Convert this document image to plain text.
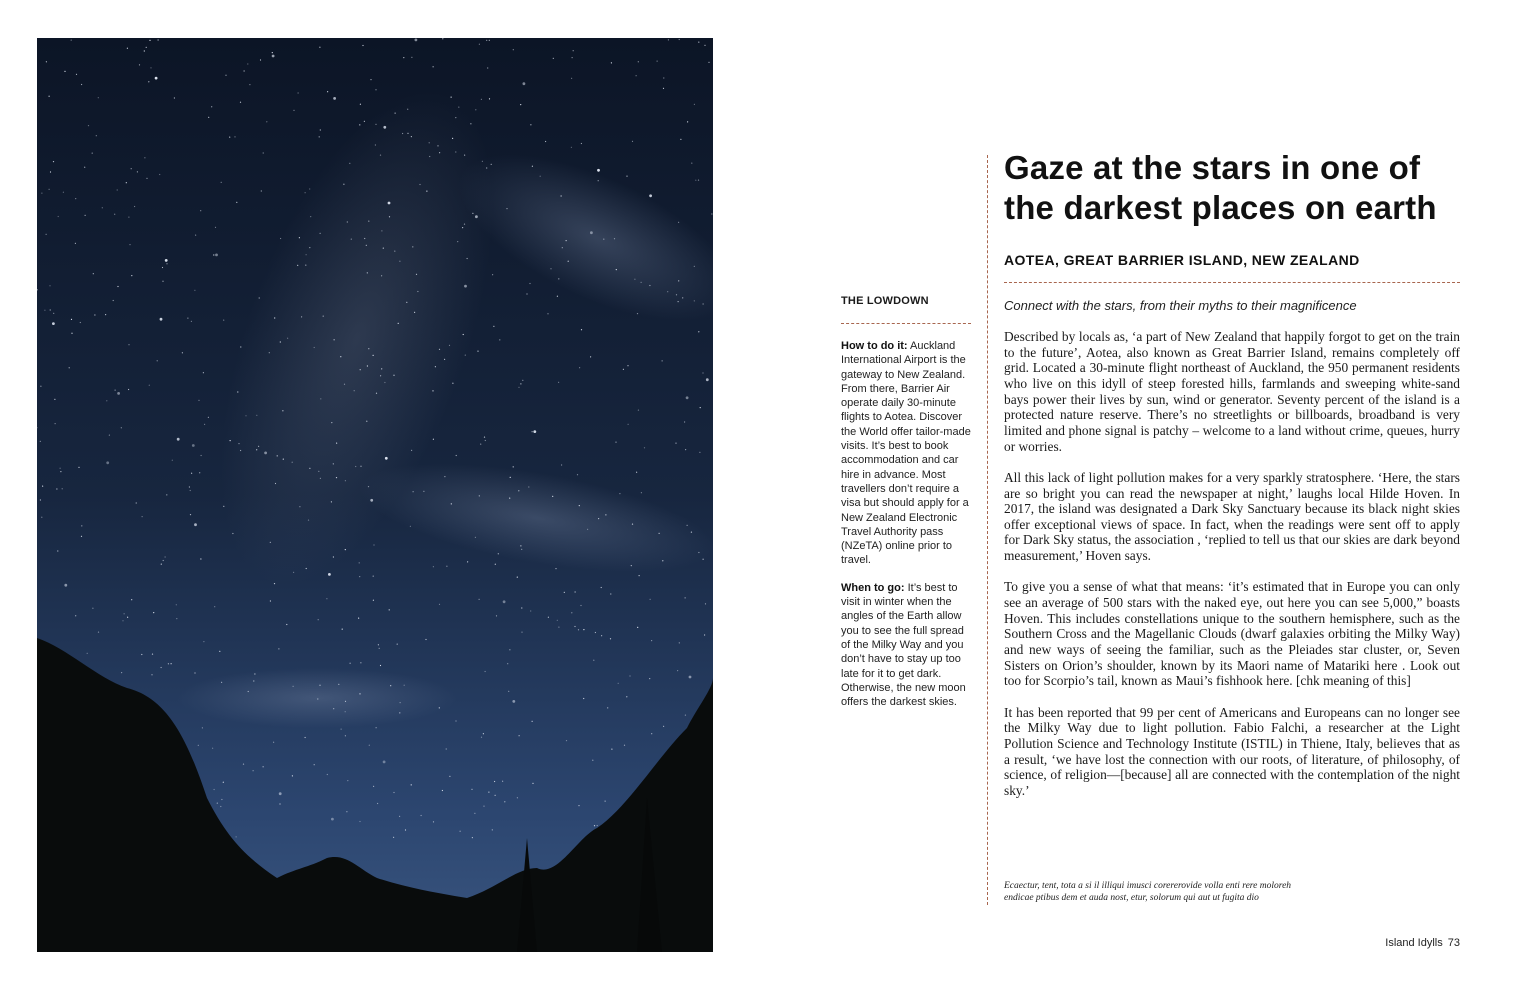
THE LOWDOWN

How to do it: Auckland International Airport is the gateway to New Zealand. From there, Barrier Air operate daily 30-minute flights to Aotea. Discover the World offer tailor-made visits. It’s best to book accommodation and car hire in advance. Most travellers don’t require a visa but should apply for a New Zealand Electronic Travel Authority pass (NZeTA) online prior to travel.

When to go: It’s best to visit in winter when the angles of the Earth allow you to see the full spread of the Milky Way and you don’t have to stay up too late for it to get dark. Otherwise, the new moon offers the darkest skies.

Gaze at the stars in one of the darkest places on earth
AOTEA, GREAT BARRIER ISLAND, NEW ZEALAND

Connect with the stars, from their myths to their magnificence

Described by locals as, ‘a part of New Zealand that happily forgot to get on the train to the future’, Aotea, also known as Great Barrier Island, remains completely off grid. Located a 30-minute flight northeast of Auckland, the 950 permanent residents who live on this idyll of steep forested hills, farmlands and sweeping white-sand bays power their lives by sun, wind or generator. Seventy percent of the island is a protected nature reserve. There’s no streetlights or billboards, broadband is very limited and phone signal is patchy – welcome to a land without crime, queues, hurry or worries.

All this lack of light pollution makes for a very sparkly stratosphere. ‘Here, the stars are so bright you can read the newspaper at night,’ laughs local Hilde Hoven. In 2017, the island was designated a Dark Sky Sanctuary because its black night skies offer exceptional views of space. In fact, when the readings were sent off to apply for Dark Sky status, the association , ‘replied to tell us that our skies are dark beyond measurement,’ Hoven says.

To give you a sense of what that means: ‘it’s estimated that in Europe you can only see an average of 500 stars with the naked eye, out here you can see 5,000,” boasts Hoven. This includes constellations unique to the southern hemisphere, such as the Southern Cross and the Magellanic Clouds (dwarf galaxies orbiting the Milky Way) and new ways of seeing the familiar, such as the Pleiades star cluster, or, Seven Sisters on Orion’s shoulder, known by its Maori name of Matariki here . Look out too for Scorpio’s tail, known as Maui’s fishhook here. [chk meaning of this]

It has been reported that 99 per cent of Americans and Europeans can no longer see the Milky Way due to light pollution. Fabio Falchi, a researcher at the Light Pollution Science and Technology Institute (ISTIL) in Thiene, Italy, believes that as a result, ‘we have lost the connection with our roots, of literature, of philosophy, of science, of religion—[because] all are connected with the contemplation of the night sky.’

Ecaectur, tent, tota a si il illiqui imusci corererovide volla enti rere moloreh endicae ptibus dem et auda nost, etur, solorum qui aut ut fugita dio
Island Idylls 73
